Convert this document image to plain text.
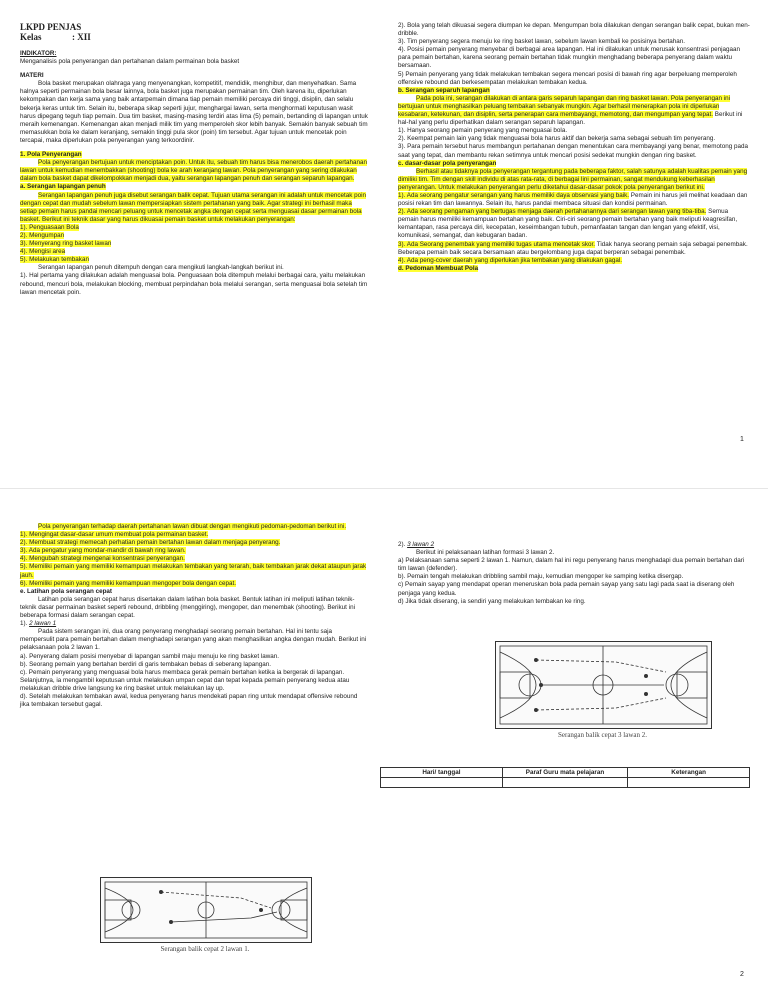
LKPD PENJAS

Kelas	: XII

INDIKATOR:

Menganalisis pola penyerangan dan pertahanan dalam permainan bola basket

MATERI

Bola basket merupakan olahraga yang menyenangkan, kompetitif, mendidik, menghibur, dan menyehatkan. Sama halnya seperti permainan bola besar lainnya, bola basket juga merupakan permainan tim. Oleh karena itu, diperlukan kekompakan dan kerja sama yang baik antarpemain dimana tiap pemain memiliki percaya diri tinggi, disiplin, dan selalu bekerja keras untuk tim. Selain itu, beberapa sikap seperti jujur, menghargai lawan, serta menghormati keputusan wasit harus dipegang teguh tiap pemain. Dua tim basket, masing-masing terdiri atas lima (5) pemain, bertanding di lapangan untuk meraih kemenangan. Kemenangan akan menjadi milik tim yang memperoleh skor lebih banyak. Semakin banyak sebuah tim memasukkan bola ke dalam keranjang, semakin tinggi pula skor (poin) tim tersebut. Agar tujuan untuk mencetak poin tercapai, maka diperlukan pola penyerangan yang terkoordinir.

1. Pola Penyerangan

Pola penyerangan bertujuan untuk menciptakan poin. Untuk itu, sebuah tim harus bisa menerobos daerah pertahanan lawan untuk kemudian menembakkan (shooting) bola ke arah keranjang lawan. Pola penyerangan yang sering dilakukan dalam bola basket dapat dikelompokkan menjadi dua, yaitu serangan lapangan penuh dan serangan separuh lapangan.

a. Serangan lapangan penuh

Serangan lapangan penuh juga disebut serangan balik cepat. Tujuan utama serangan ini adalah untuk mencetak poin dengan cepat dan mudah sebelum lawan mempersiapkan sistem pertahanan yang baik. Agar strategi ini berhasil maka setiap pemain harus pandai mencari peluang untuk mencetak angka dengan cepat serta menguasai dasar permainan bola basket. Berikut ini teknik dasar yang harus dikuasai pemain basket untuk melakukan penyerangan:

1). Penguasaan Bola

2). Mengumpan

3). Menyerang ring basket lawan

4). Mengisi area

5). Melakukan tembakan

Serangan lapangan penuh ditempuh dengan cara mengikuti langkah-langkah berikut ini.

1). Hal pertama yang dilakukan adalah menguasai bola. Penguasaan bola ditempuh melalui berbagai cara, yaitu melakukan rebound, mencuri bola, melakukan blocking, membuat perpindahan bola melalui serangan, serta menguasai bola setelah tim lawan mencetak poin.

2). Bola yang telah dikuasai segera diumpan ke depan. Mengumpan bola dilakukan dengan serangan balik cepat, bukan men-dribble.

3). Tim penyerang segera menuju ke ring basket lawan, sebelum lawan kembali ke posisinya bertahan.

4). Posisi pemain penyerang menyebar di berbagai area lapangan. Hal ini dilakukan untuk merusak konsentrasi penjagaan para pemain bertahan, karena seorang pemain bertahan tidak mungkin menghadang beberapa penyerang dalam waktu bersamaan.

5) Pemain penyerang yang tidak melakukan tembakan segera mencari posisi di bawah ring agar berpeluang memperoleh offensive rebound dan berkesempatan melakukan tembakan kedua.

b. Serangan separuh lapangan

Pada pola ini, serangan dilakukan di antara garis separuh lapangan dan ring basket lawan. Pola penyerangan ini bertujuan untuk menghasilkan peluang tembakan sebanyak mungkin. Agar berhasil menerapkan pola ini diperlukan kesabaran, ketekunan, dan disiplin, serta penerapan cara membayangi, memotong, dan mengumpan yang tepat. Berikut ini hal-hal yang perlu diperhatikan dalam serangan separuh lapangan.

1). Hanya seorang pemain penyerang yang menguasai bola.

2). Keempat pemain lain yang tidak menguasai bola harus aktif dan bekerja sama sebagai sebuah tim penyerang.

3). Para pemain tersebut harus membangun pertahanan dengan menentukan cara membayangi yang benar, memotong pada saat yang tepat, dan membantu rekan setimnya untuk mencari posisi sedekat mungkin dengan ring basket.

c. dasar-dasar pola penyerangan

Berhasil atau tidaknya pola penyerangan tergantung pada beberapa faktor, salah satunya adalah kualitas pemain yang dimiliki tim. Tim dengan skill individu di atas rata-rata, di berbagai lini permainan, sangat mendukung keberhasilan penyerangan. Untuk melakukan penyerangan perlu diketahui dasar-dasar pokok pola penyerangan berikut ini.

1). Ada seorang pengatur serangan yang harus memiliki daya observasi yang baik. Pemain ini harus jeli melihat keadaan dan posisi rekan tim dan lawannya. Selain itu, harus pandai membaca situasi dan kondisi permainan.

2). Ada seorang pengaman yang bertugas menjaga daerah pertahanannya dari serangan lawan yang tiba-tiba. Semua pemain harus memiliki kemampuan bertahan yang baik. Ciri-ciri seorang pemain bertahan yang baik meliputi keagresifan, kemantapan, rasa percaya diri, kecepatan, keseimbangan tubuh, pemanfaatan tangan dan lengan yang efektif, visi, komunikasi, semangat, dan kebugaran badan.

3). Ada Seorang penembak yang memiliki tugas utama mencetak skor. Tidak hanya seorang pemain saja sebagai penembak. Beberapa pemain baik secara bersamaan atau bergelombang juga dapat berperan sebagai penembak.

4). Ada peng-cover daerah yang diperlukan jika tembakan yang dilakukan gagal.

d. Pedoman Membuat Pola

1

Pola penyerangan terhadap daerah pertahanan lawan dibuat dengan mengikuti pedoman-pedoman berikut ini.

1). Mengingat dasar-dasar umum membuat pola permainan basket.

2). Membuat strategi memecah perhatian pemain bertahan lawan dalam menjaga penyerang.

3). Ada pengatur yang mondar-mandir di bawah ring lawan.

4). Mengubah strategi mengenai konsentrasi penyerangan.

5). Memiliki pemain yang memiliki kemampuan melakukan tembakan yang terarah, baik tembakan jarak dekat ataupun jarak jauh.

6). Memiliki pemain yang memiliki kemampuan mengoper bola dengan cepat.

e. Latihan pola serangan cepat

Latihan pola serangan cepat harus disertakan dalam latihan bola basket. Bentuk latihan ini meliputi latihan teknik-teknik dasar permainan basket seperti rebound, dribbling (menggiring), mengoper, dan menembak (shooting). Berikut ini beberapa formasi dalam serangan cepat.

1). 2 lawan 1

Pada sistem serangan ini, dua orang penyerang menghadapi seorang pemain bertahan. Hal ini tentu saja mempersulit para pemain bertahan dalam menghadapi serangan yang akan menghasilkan angka dengan mudah. Berikut ini pelaksanaan pola 2 lawan 1.

a). Penyerang dalam posisi menyebar di lapangan sambil maju menuju ke ring basket lawan.

b). Seorang pemain yang bertahan berdiri di garis tembakan bebas di seberang lapangan.

c). Pemain penyerang yang menguasai bola harus membaca gerak pemain bertahan ketika ia bergerak di lapangan. Selanjutnya, ia mengambil keputusan untuk melakukan umpan cepat dan tepat kepada pemain penyerang kedua atau melakukan dribble drive langsung ke ring basket untuk melakukan lay up.

d). Setelah melakukan tembakan awal, kedua penyerang harus mendekati papan ring untuk mendapat offensive rebound jika tembakan tersebut gagal.

Serangan balik cepat 2 lawan 1.

2). 3 lawan 2

Berikut ini pelaksanaan latihan formasi 3 lawan 2.

a) Pelaksanaan sama seperti 2 lawan 1. Namun, dalam hal ini regu penyerang harus menghadapi dua pemain bertahan dari tim lawan (defender).

b). Pemain tengah melakukan dribbling sambil maju, kemudian mengoper ke samping ketika disergap.

c) Pemain sayap yang mendapat operan meneruskan bola pada pemain sayap yang satu lagi pada saat ia diserang oleh penjaga yang kedua.

d) Jika tidak diserang, ia sendiri yang melakukan tembakan ke ring.

Serangan balik cepat 3 lawan 2.
Hari/ tanggal	Paraf Guru mata pelajaran	Keterangan

2
